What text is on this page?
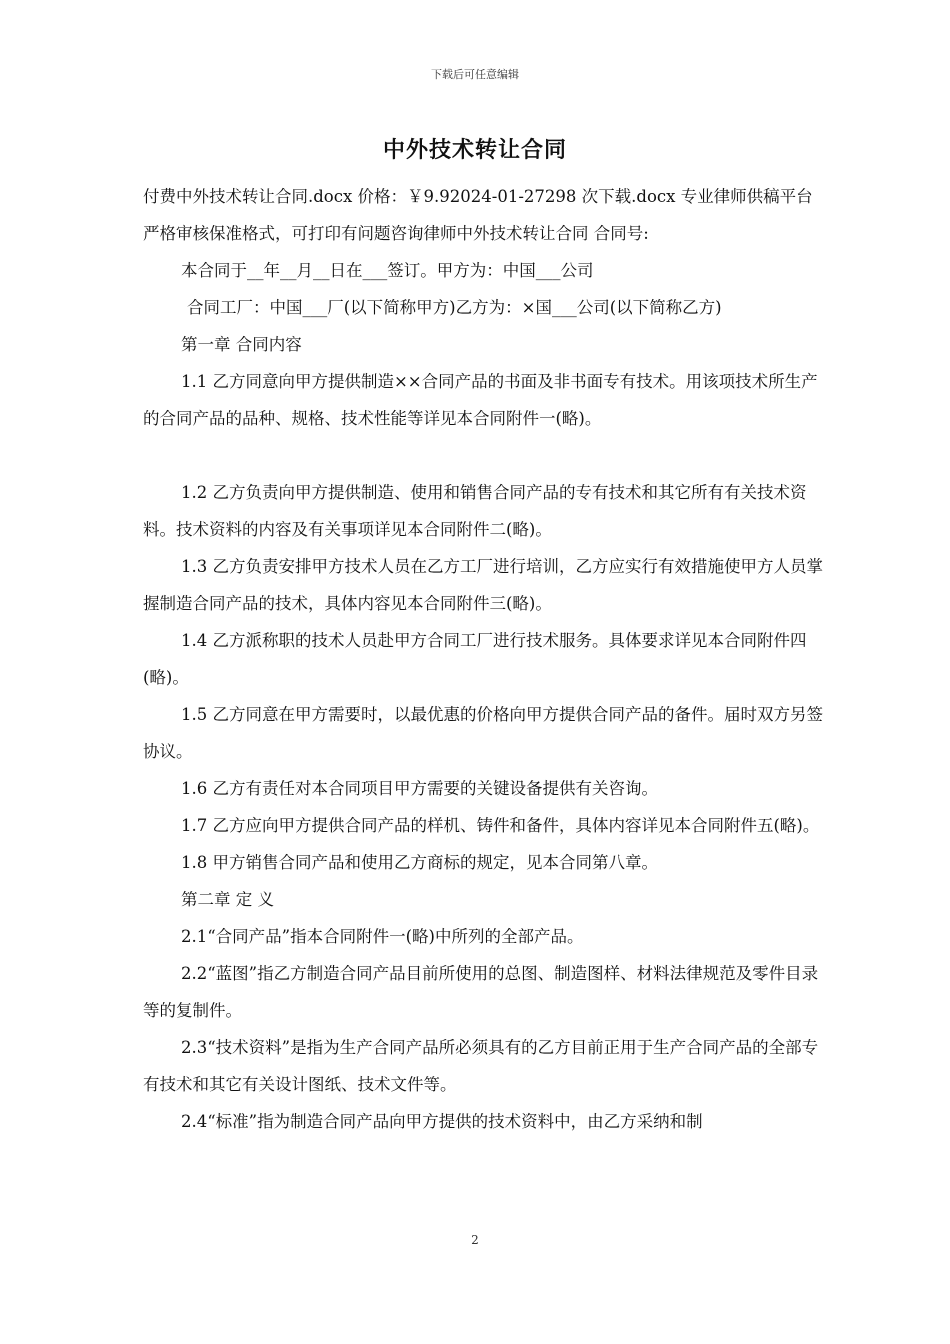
下载后可任意编辑
中外技术转让合同

付费中外技术转让合同.docx 价格：￥9.92024-01-27298 次下载.docx 专业律师供稿平台严格审核保准格式，可打印有问题咨询律师中外技术转让合同 合同号:

本合同于__年__月__日在___签订。甲方为：中国___公司

合同工厂：中国___厂(以下简称甲方)乙方为：×国___公司(以下简称乙方)

第一章 合同内容

1.1 乙方同意向甲方提供制造××合同产品的书面及非书面专有技术。用该项技术所生产的合同产品的品种、规格、技术性能等详见本合同附件一(略)。

1.2 乙方负责向甲方提供制造、使用和销售合同产品的专有技术和其它所有有关技术资料。技术资料的内容及有关事项详见本合同附件二(略)。

1.3 乙方负责安排甲方技术人员在乙方工厂进行培训，乙方应实行有效措施使甲方人员掌握制造合同产品的技术，具体内容见本合同附件三(略)。

1.4 乙方派称职的技术人员赴甲方合同工厂进行技术服务。具体要求详见本合同附件四(略)。

1.5 乙方同意在甲方需要时，以最优惠的价格向甲方提供合同产品的备件。届时双方另签协议。

1.6 乙方有责任对本合同项目甲方需要的关键设备提供有关咨询。

1.7 乙方应向甲方提供合同产品的样机、铸件和备件，具体内容详见本合同附件五(略)。

1.8 甲方销售合同产品和使用乙方商标的规定，见本合同第八章。

第二章 定 义

2.1“合同产品”指本合同附件一(略)中所列的全部产品。

2.2“蓝图”指乙方制造合同产品目前所使用的总图、制造图样、材料法律规范及零件目录等的复制件。

2.3“技术资料”是指为生产合同产品所必须具有的乙方目前正用于生产合同产品的全部专有技术和其它有关设计图纸、技术文件等。

2.4“标准”指为制造合同产品向甲方提供的技术资料中，由乙方采纳和制

2
